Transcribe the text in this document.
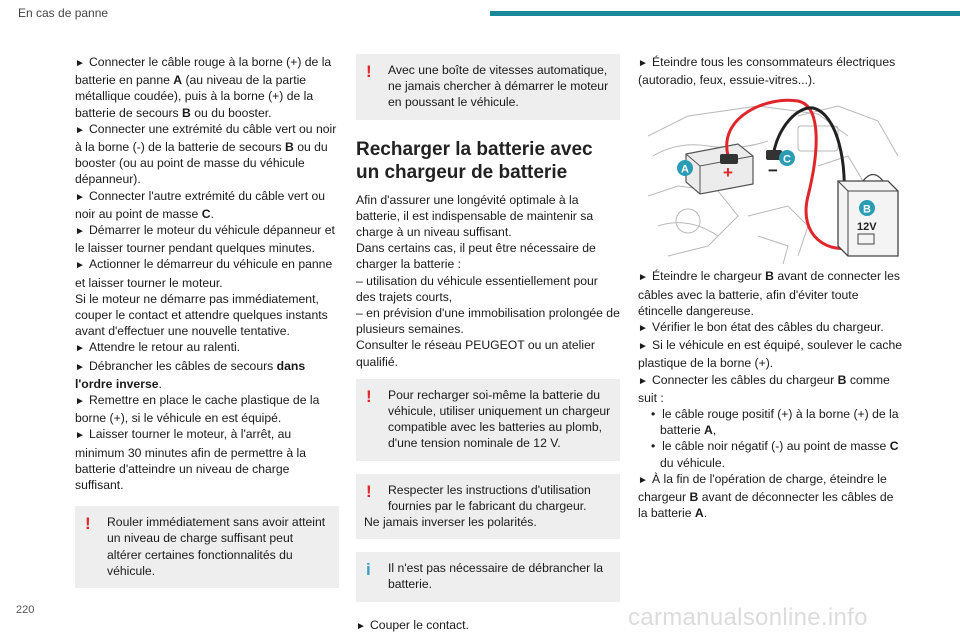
En cas de panne

► Connecter le câble rouge à la borne (+) de la batterie en panne A (au niveau de la partie métallique coudée), puis à la borne (+) de la batterie de secours B ou du booster.

► Connecter une extrémité du câble vert ou noir à la borne (-) de la batterie de secours B ou du booster (ou au point de masse du véhicule dépanneur).

► Connecter l'autre extrémité du câble vert ou noir au point de masse C.

► Démarrer le moteur du véhicule dépanneur et le laisser tourner pendant quelques minutes.

► Actionner le démarreur du véhicule en panne et laisser tourner le moteur.

Si le moteur ne démarre pas immédiatement, couper le contact et attendre quelques instants avant d'effectuer une nouvelle tentative.

► Attendre le retour au ralenti.

► Débrancher les câbles de secours dans l'ordre inverse.

► Remettre en place le cache plastique de la borne (+), si le véhicule en est équipé.

► Laisser tourner le moteur, à l'arrêt, au minimum 30 minutes afin de permettre à la batterie d'atteindre un niveau de charge suffisant.

!	Rouler immédiatement sans avoir atteint un niveau de charge suffisant peut altérer certaines fonctionnalités du véhicule.
!	Avec une boîte de vitesses automatique, ne jamais chercher à démarrer le moteur en poussant le véhicule.
Recharger la batterie avec un chargeur de batterie

Afin d'assurer une longévité optimale à la batterie, il est indispensable de maintenir sa charge à un niveau suffisant.

Dans certains cas, il peut être nécessaire de charger la batterie :

– utilisation du véhicule essentiellement pour des trajets courts,

– en prévision d'une immobilisation prolongée de plusieurs semaines.

Consulter le réseau PEUGEOT ou un atelier qualifié.

!	Pour recharger soi-même la batterie du véhicule, utiliser uniquement un chargeur compatible avec les batteries au plomb, d'une tension nominale de 12 V.
!	Respecter les instructions d'utilisation fournies par le fabricant du chargeur.
Ne jamais inverser les polarités.
i	Il n'est pas nécessaire de débrancher la batterie.

► Couper le contact.

► Éteindre tous les consommateurs électriques (autoradio, feux, essuie-vitres...).

► Éteindre le chargeur B avant de connecter les câbles avec la batterie, afin d'éviter toute étincelle dangereuse.

► Vérifier le bon état des câbles du chargeur.

► Si le véhicule en est équipé, soulever le cache plastique de la borne (+).

► Connecter les câbles du chargeur B comme suit :

• le câble rouge positif (+) à la borne (+) de la batterie A,

• le câble noir négatif (-) au point de masse C du véhicule.

► À la fin de l'opération de charge, éteindre le chargeur B avant de déconnecter les câbles de la batterie A.

+ −
A
C
B
12V
220	carmanualsonline.info
